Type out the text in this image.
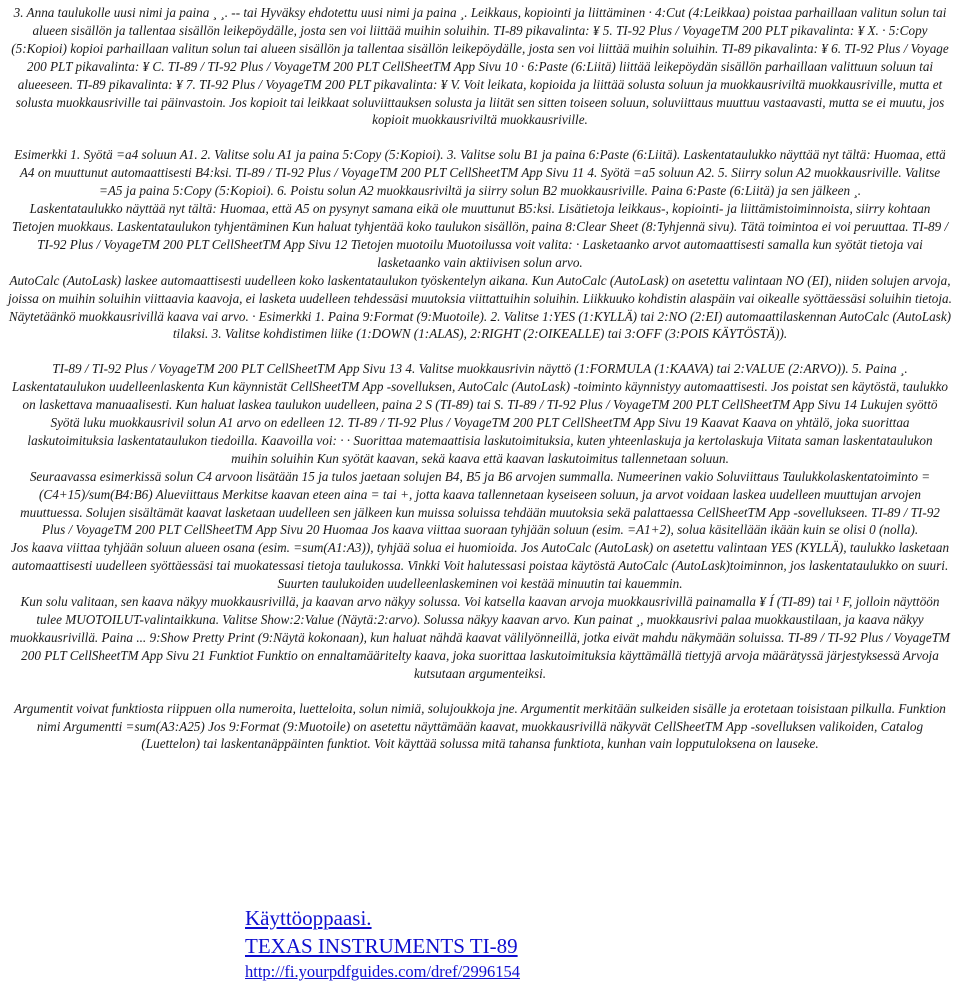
3. Anna taulukolle uusi nimi ja paina ¸ ¸. -- tai Hyväksy ehdotettu uusi nimi ja paina ¸. Leikkaus, kopiointi ja liittäminen · 4:Cut (4:Leikkaa) poistaa parhaillaan valitun solun tai alueen sisällön ja tallentaa sisällön leikepöydälle, josta sen voi liittää muihin soluihin. TI-89 pikavalinta: ¥ 5. TI-92 Plus / VoyageTM 200 PLT pikavalinta: ¥ X. · 5:Copy (5:Kopioi) kopioi parhaillaan valitun solun tai alueen sisällön ja tallentaa sisällön leikepöydälle, josta sen voi liittää muihin soluihin. TI-89 pikavalinta: ¥ 6. TI-92 Plus / Voyage 200 PLT pikavalinta: ¥ C. TI-89 / TI-92 Plus / VoyageTM 200 PLT CellSheetTM App Sivu 10 · 6:Paste (6:Liitä) liittää leikepöydän sisällön parhaillaan valittuun soluun tai alueeseen. TI-89 pikavalinta: ¥ 7. TI-92 Plus / VoyageTM 200 PLT pikavalinta: ¥ V. Voit leikata, kopioida ja liittää solusta soluun ja muokkausriviltä muokkausriville, mutta et solusta muokkausriville tai päinvastoin. Jos kopioit tai leikkaat soluviittauksen solusta ja liität sen sitten toiseen soluun, soluviittaus muuttuu vastaavasti, mutta se ei muutu, jos kopioit muokkausriviltä muokkausriville.

Esimerkki 1. Syötä =a4 soluun A1. 2. Valitse solu A1 ja paina 5:Copy (5:Kopioi). 3. Valitse solu B1 ja paina 6:Paste (6:Liitä). Laskentataulukko näyttää nyt tältä: Huomaa, että A4 on muuttunut automaattisesti B4:ksi. TI-89 / TI-92 Plus / VoyageTM 200 PLT CellSheetTM App Sivu 11 4. Syötä =a5 soluun A2. 5. Siirry solun A2 muokkausriville. Valitse =A5 ja paina 5:Copy (5:Kopioi). 6. Poistu solun A2 muokkausriviltä ja siirry solun B2 muokkausriville. Paina 6:Paste (6:Liitä) ja sen jälkeen ¸.

Laskentataulukko näyttää nyt tältä: Huomaa, että A5 on pysynyt samana eikä ole muuttunut B5:ksi. Lisätietoja leikkaus-, kopiointi- ja liittämistoiminnoista, siirry kohtaan Tietojen muokkaus. Laskentataulukon tyhjentäminen Kun haluat tyhjentää koko taulukon sisällön, paina 8:Clear Sheet (8:Tyhjennä sivu). Tätä toimintoa ei voi peruuttaa. TI-89 / TI-92 Plus / VoyageTM 200 PLT CellSheetTM App Sivu 12 Tietojen muotoilu Muotoilussa voit valita: · Lasketaanko arvot automaattisesti samalla kun syötät tietoja vai lasketaanko vain aktiivisen solun arvo.

AutoCalc (AutoLask) laskee automaattisesti uudelleen koko laskentataulukon työskentelyn aikana. Kun AutoCalc (AutoLask) on asetettu valintaan NO (EI), niiden solujen arvoja, joissa on muihin soluihin viittaavia kaavoja, ei lasketa uudelleen tehdessäsi muutoksia viittattuihin soluihin. Liikkuuko kohdistin alaspäin vai oikealle syöttäessäsi soluihin tietoja. Näytetäänkö muokkausrivillä kaava vai arvo. · Esimerkki 1. Paina 9:Format (9:Muotoile). 2. Valitse 1:YES (1:KYLLÄ) tai 2:NO (2:EI) automaattilaskennan AutoCalc (AutoLask) tilaksi. 3. Valitse kohdistimen liike (1:DOWN (1:ALAS), 2:RIGHT (2:OIKEALLE) tai 3:OFF (3:POIS KÄYTÖSTÄ)).

TI-89 / TI-92 Plus / VoyageTM 200 PLT CellSheetTM App Sivu 13 4. Valitse muokkausrivin näyttö (1:FORMULA (1:KAAVA) tai 2:VALUE (2:ARVO)). 5. Paina ¸. Laskentataulukon uudelleenlaskenta Kun käynnistät CellSheetTM App -sovelluksen, AutoCalc (AutoLask) -toiminto käynnistyy automaattisesti. Jos poistat sen käytöstä, taulukko on laskettava manuaalisesti. Kun haluat laskea taulukon uudelleen, paina 2 S (TI-89) tai S. TI-89 / TI-92 Plus / VoyageTM 200 PLT CellSheetTM App Sivu 14 Lukujen syöttö Syötä luku muokkausrivil solun A1 arvo on edelleen 12. TI-89 / TI-92 Plus / VoyageTM 200 PLT CellSheetTM App Sivu 19 Kaavat Kaava on yhtälö, joka suorittaa laskutoimituksia laskentataulukon tiedoilla. Kaavoilla voi: · · Suorittaa matemaattisia laskutoimituksia, kuten yhteenlaskuja ja kertolaskuja Viitata saman laskentataulukon muihin soluihin Kun syötät kaavan, sekä kaava että kaavan laskutoimitus tallennetaan soluun.

Seuraavassa esimerkissä solun C4 arvoon lisätään 15 ja tulos jaetaan solujen B4, B5 ja B6 arvojen summalla. Numeerinen vakio Soluviittaus Taulukkolaskentatoiminto =(C4+15)/sum(B4:B6) Alueviittaus Merkitse kaavan eteen aina = tai +, jotta kaava tallennetaan kyseiseen soluun, ja arvot voidaan laskea uudelleen muuttujan arvojen muuttuessa. Solujen sisältämät kaavat lasketaan uudelleen sen jälkeen kun muissa soluissa tehdään muutoksia sekä palattaessa CellSheetTM App -sovellukseen. TI-89 / TI-92 Plus / VoyageTM 200 PLT CellSheetTM App Sivu 20 Huomaa Jos kaava viittaa suoraan tyhjään soluun (esim. =A1+2), solua käsitellään ikään kuin se olisi 0 (nolla).

Jos kaava viittaa tyhjään soluun alueen osana (esim. =sum(A1:A3)), tyhjää solua ei huomioida. Jos AutoCalc (AutoLask) on asetettu valintaan YES (KYLLÄ), taulukko lasketaan automaattisesti uudelleen syöttäessäsi tai muokatessasi tietoja taulukossa. Vinkki Voit halutessasi poistaa käytöstä AutoCalc (AutoLask)toiminnon, jos laskentataulukko on suuri. Suurten taulukoiden uudelleenlaskeminen voi kestää minuutin tai kauemmin.

Kun solu valitaan, sen kaava näkyy muokkausrivillä, ja kaavan arvo näkyy solussa. Voi katsella kaavan arvoja muokkausrivillä painamalla ¥ Í (TI-89) tai ¹ F, jolloin näyttöön tulee MUOTOILUT-valintaikkuna. Valitse Show:2:Value (Näytä:2:arvo). Solussa näkyy kaavan arvo. Kun painat ¸, muokkausrivi palaa muokkaustilaan, ja kaava näkyy muokkausrivillä. Paina ... 9:Show Pretty Print (9:Näytä kokonaan), kun haluat nähdä kaavat välilyönneillä, jotka eivät mahdu näkymään soluissa. TI-89 / TI-92 Plus / VoyageTM 200 PLT CellSheetTM App Sivu 21 Funktiot Funktio on ennaltamääritelty kaava, joka suorittaa laskutoimituksia käyttämällä tiettyjä arvoja määrätyssä järjestyksessä Arvoja kutsutaan argumenteiksi.

Argumentit voivat funktiosta riippuen olla numeroita, luetteloita, solun nimiä, solujoukkoja jne. Argumentit merkitään sulkeiden sisälle ja erotetaan toisistaan pilkulla. Funktion nimi Argumentti =sum(A3:A25) Jos 9:Format (9:Muotoile) on asetettu näyttämään kaavat, muokkausrivillä näkyvät CellSheetTM App -sovelluksen valikoiden, Catalog (Luettelon) tai laskentanäppäinten funktiot. Voit käyttää solussa mitä tahansa funktiota, kunhan vain lopputuloksena on lauseke.

Käyttöoppaasi.
TEXAS INSTRUMENTS TI-89
http://fi.yourpdfguides.com/dref/2996154
